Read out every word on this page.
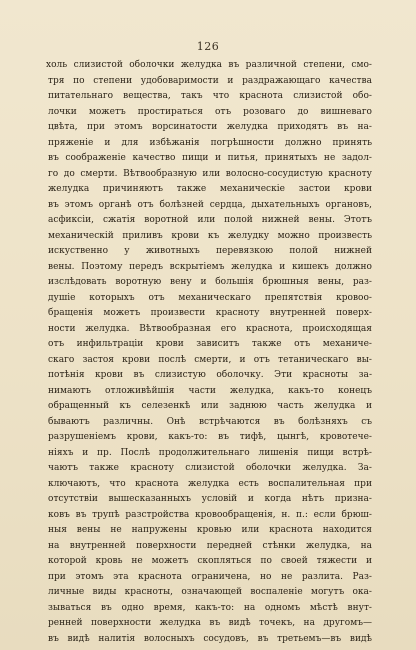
126
холь слизистой оболочки желудка въ различной степени, смо-
тря по степени удобоваримости и раздражающаго качества
питательнаго вещества, такъ что краснота слизистой обо-
лочки можетъ простираться отъ розоваго до вишневаго
цвѣта, при этомъ ворсинатости желудка приходятъ въ на-
пряженіе и для избѣжанія погрѣшности должно принять
въ соображеніе качество пищи и питья, принятыхъ не задол-
го до смерти. Вѣтвообразную или волосно-сосудистую красноту
желудка причиняютъ также механическіе застои крови
въ этомъ органѣ отъ болѣзней сердца, дыхательныхъ органовъ,
асфиксіи, сжатія воротной или полой нижней вены. Этотъ
механическій приливъ крови къ желудку можно произвесть
искуственно у животныхъ перевязкою полой нижней
вены. Поэтому передъ вскрытіемъ желудка и кишекъ должно
изслѣдовать воротную вену и большія брюшныя вены, раз-
душіе которыхъ отъ механическаго препятствія кровоо-
бращенія можетъ произвести красноту внутренней поверх-
ности желудка. Вѣтвообразная его краснота, происходящая
отъ инфильтраціи крови зависитъ также отъ механиче-
скаго застоя крови послѣ смерти, и отъ тетаническаго вы-
потѣнія крови въ слизистую оболочку. Эти красноты за-
нимаютъ отложивѣйшія части желудка, какъ-то конецъ
обращенный къ селезенкѣ или заднюю часть желудка и
бываютъ различны. Онѣ встрѣчаются въ болѣзняхъ съ
разрушеніемъ крови, какъ-то: въ тифѣ, цынгѣ, кровотече-
ніяхъ и пр. Послѣ продолжительнаго лишенія пищи встрѣ-
чаютъ также красноту слизистой оболочки желудка. За-
ключаютъ, что краснота желудка есть воспалительная при
отсутствіи вышесказанныхъ условій и когда нѣтъ призна-
ковъ въ трупѣ разстройства кровообращенія, н. п.: если брюш-
ныя вены не напружены кровью или краснота находится
на внутренней поверхности передней стѣнки желудка, на
которой кровь не можетъ скопляться по своей тяжести и
при этомъ эта краснота ограничена, но не разлита. Раз-
личные виды красноты, означающей воспаленіе могутъ ока-
зываться въ одно время, какъ-то: на одномъ мѣстѣ внут-
ренней поверхности желудка въ видѣ точекъ, на другомъ—
въ видѣ налитія волосныхъ сосудовъ, въ третьемъ—въ видѣ
